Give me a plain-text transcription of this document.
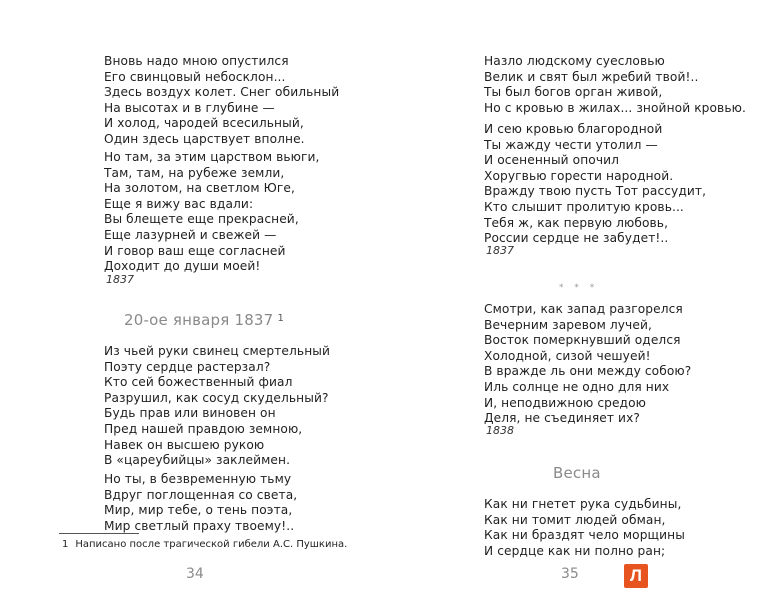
Вновь надо мною опустился
Его свинцовый небосклон...
Здесь воздух колет. Снег обильный
На высотах и в глубине —
И холод, чародей всесильный,
Один здесь царствует вполне.
Но там, за этим царством вьюги,
Там, там, на рубеже земли,
На золотом, на светлом Юге,
Еще я вижу вас вдали:
Вы блещете еще прекрасней,
Еще лазурней и свежей —
И говор ваш еще согласней
Доходит до души моей!
1837
20-ое января 1837 $^1$
Из чьей руки свинец смертельный
Поэту сердце растерзал?
Кто сей божественный фиал
Разрушил, как сосуд скудельный?
Будь прав или виновен он
Пред нашей правдою земною,
Навек он высшею рукою
В «цареубийцы» заклеймен.
Но ты, в безвременную тьму
Вдруг поглощенная со света,
Мир, мир тебе, о тень поэта,
Мир светлый праху твоему!..
1 Написано после трагической гибели А.С. Пушкина.
34
Назло людскому суесловью
Велик и свят был жребий твой!..
Ты был богов орган живой,
Но с кровью в жилах... знойной кровью.
И сею кровью благородной
Ты жажду чести утолил —
И осененный опочил
Хоругвью горести народной.
Вражду твою пусть Тот рассудит,
Кто слышит пролитую кровь...
Тебя ж, как первую любовь,
России сердце не забудет!..
1837
* * *
Смотри, как запад разгорелся
Вечерним заревом лучей,
Восток померкнувший оделся
Холодной, сизой чешуей!
В вражде ль они между собою?
Иль солнце не одно для них
И, неподвижною средою
Деля, не съединяет их?
1838
Весна
Как ни гнетет рука судьбины,
Как ни томит людей обман,
Как ни браздят чело морщины
И сердце как ни полно ран;
35	Л
